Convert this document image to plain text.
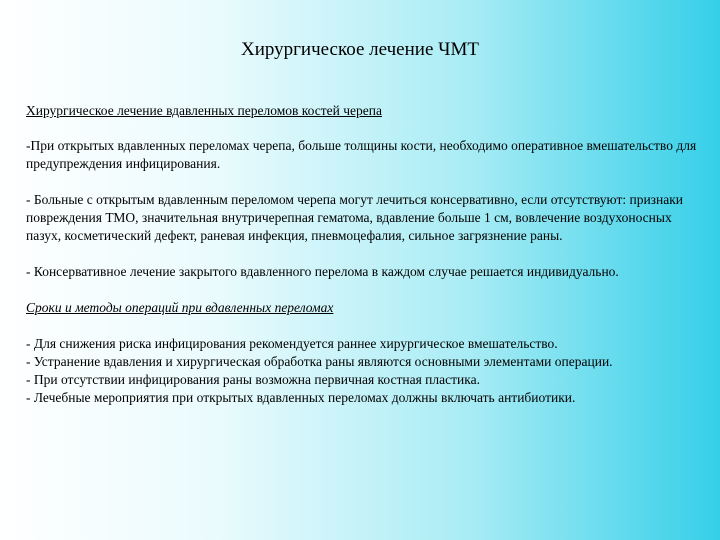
Хирургическое лечение ЧМТ

Хирургическое лечение вдавленных переломов костей черепа

-При открытых вдавленных переломах черепа, больше толщины кости, необходимо оперативное вмешательство для предупреждения инфицирования.

- Больные с открытым вдавленным переломом черепа могут лечиться консервативно, если отсутствуют: признаки повреждения ТМО, значительная внутричерепная гематома, вдавление больше 1 см, вовлечение воздухоносных пазух, косметический дефект, раневая инфекция, пневмоцефалия, сильное загрязнение раны.

- Консервативное лечение закрытого вдавленного перелома в каждом случае решается индивидуально.

Сроки и методы операций при вдавленных переломах

- Для снижения риска инфицирования рекомендуется раннее хирургическое вмешательство.
- Устранение вдавления и хирургическая обработка раны являются основными элементами операции.
- При отсутствии инфицирования раны возможна первичная костная пластика.
- Лечебные мероприятия при открытых вдавленных переломах должны включать антибиотики.
